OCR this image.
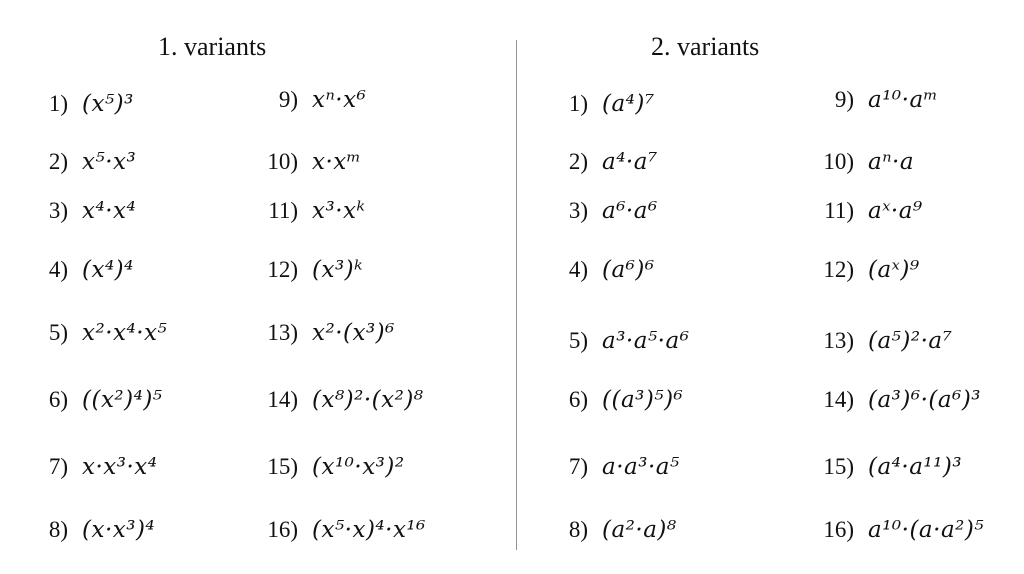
1. variants	2. variants
1) (x⁵)³
2) x⁵·x³
3) x⁴·x⁴
4) (x⁴)⁴
5) x²·x⁴·x⁵
6) ((x²)⁴)⁵
7) x·x³·x⁴
8) (x·x³)⁴
9) xⁿ·x⁶
10) x·xᵐ
11) x³·xᵏ
12) (x³)ᵏ
13) x²·(x³)⁶
14) (x⁸)²·(x²)⁸
15) (x¹⁰·x³)²
16) (x⁵·x)⁴·x¹⁶
1) (a⁴)⁷
2) a⁴·a⁷
3) a⁶·a⁶
4) (a⁶)⁶
5) a³·a⁵·a⁶
6) ((a³)⁵)⁶
7) a·a³·a⁵
8) (a²·a)⁸
9) a¹⁰·aᵐ
10) aⁿ·a
11) aˣ·a⁹
12) (aˣ)⁹
13) (a⁵)²·a⁷
14) (a³)⁶·(a⁶)³
15) (a⁴·a¹¹)³
16) a¹⁰·(a·a²)⁵
